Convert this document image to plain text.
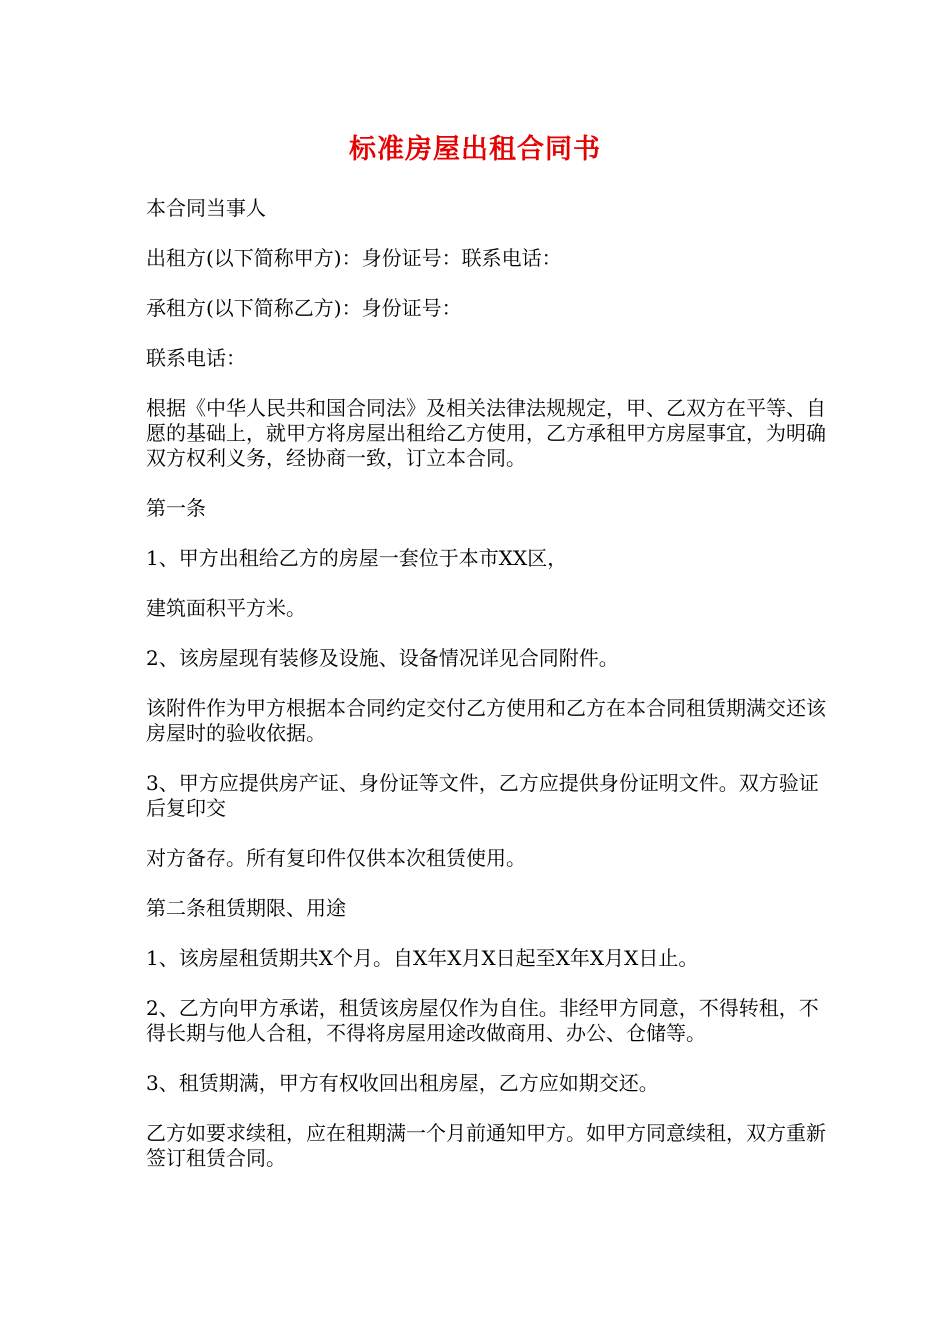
标准房屋出租合同书

本合同当事人

出租方(以下简称甲方)：身份证号：联系电话：

承租方(以下简称乙方)：身份证号：

联系电话：

根据《中华人民共和国合同法》及相关法律法规规定，甲、乙双方在平等、自愿的基础上，就甲方将房屋出租给乙方使用，乙方承租甲方房屋事宜，为明确双方权利义务，经协商一致，订立本合同。

第一条

1、甲方出租给乙方的房屋一套位于本市XX区，

建筑面积平方米。

2、该房屋现有装修及设施、设备情况详见合同附件。

该附件作为甲方根据本合同约定交付乙方使用和乙方在本合同租赁期满交还该房屋时的验收依据。

3、甲方应提供房产证、身份证等文件，乙方应提供身份证明文件。双方验证后复印交

对方备存。所有复印件仅供本次租赁使用。

第二条租赁期限、用途

1、该房屋租赁期共X个月。自X年X月X日起至X年X月X日止。

2、乙方向甲方承诺，租赁该房屋仅作为自住。非经甲方同意，不得转租，不得长期与他人合租，不得将房屋用途改做商用、办公、仓储等。

3、租赁期满，甲方有权收回出租房屋，乙方应如期交还。

乙方如要求续租，应在租期满一个月前通知甲方。如甲方同意续租，双方重新签订租赁合同。
